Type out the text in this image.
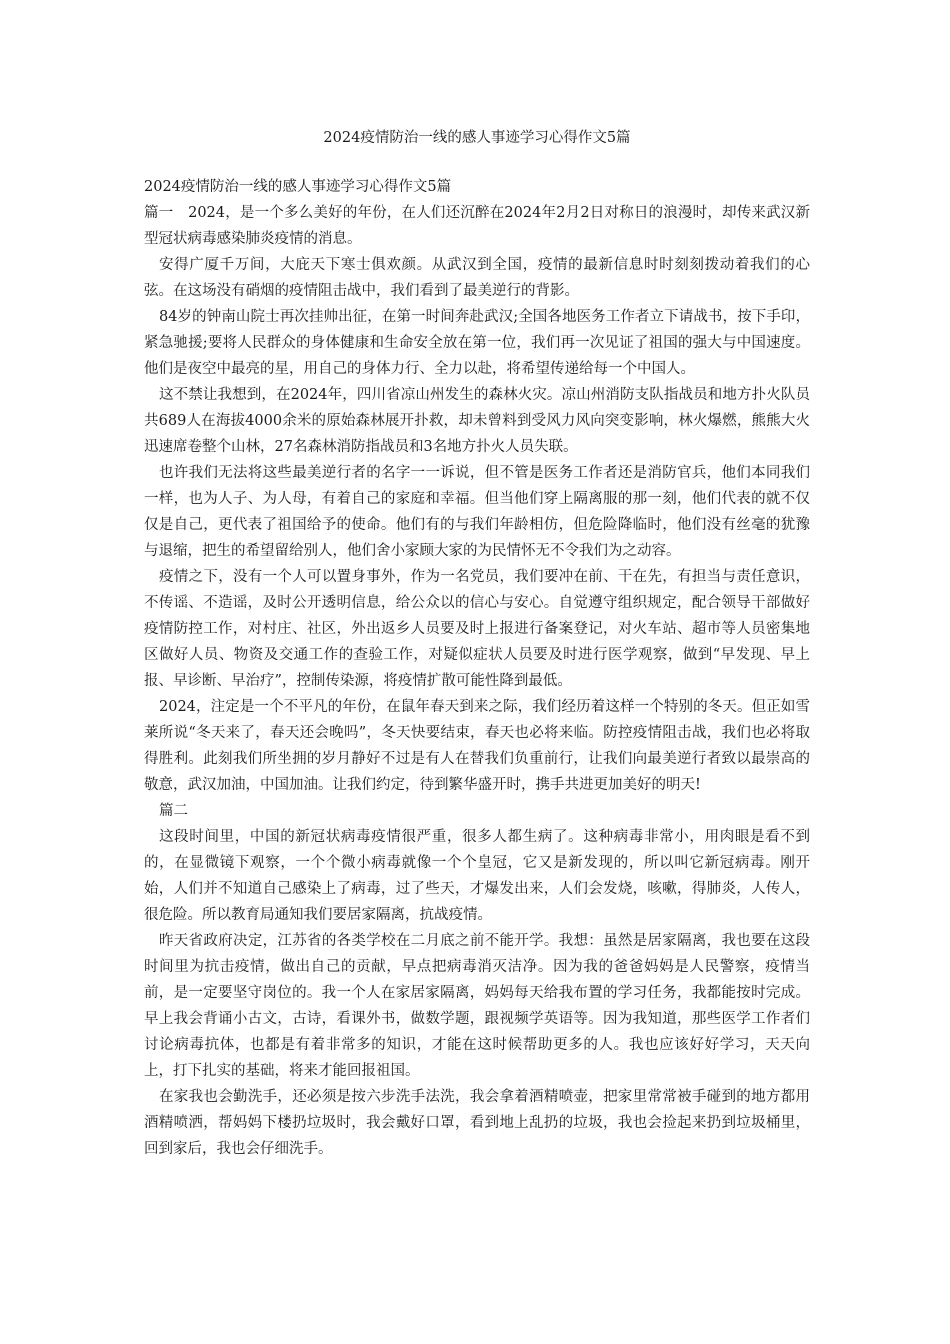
2024疫情防治一线的感人事迹学习心得作文5篇

2024疫情防治一线的感人事迹学习心得作文5篇

篇一　2024，是一个多么美好的年份，在人们还沉醉在2024年2月2日对称日的浪漫时，却传来武汉新型冠状病毒感染肺炎疫情的消息。

安得广厦千万间，大庇天下寒士俱欢颜。从武汉到全国，疫情的最新信息时时刻刻拨动着我们的心弦。在这场没有硝烟的疫情阻击战中，我们看到了最美逆行的背影。

84岁的钟南山院士再次挂帅出征，在第一时间奔赴武汉;全国各地医务工作者立下请战书，按下手印，紧急驰援;要将人民群众的身体健康和生命安全放在第一位，我们再一次见证了祖国的强大与中国速度。他们是夜空中最亮的星，用自己的身体力行、全力以赴，将希望传递给每一个中国人。

这不禁让我想到，在2024年，四川省凉山州发生的森林火灾。凉山州消防支队指战员和地方扑火队员共689人在海拔4000余米的原始森林展开扑救，却未曾料到受风力风向突变影响，林火爆燃，熊熊大火迅速席卷整个山林，27名森林消防指战员和3名地方扑火人员失联。

也许我们无法将这些最美逆行者的名字一一诉说，但不管是医务工作者还是消防官兵，他们本同我们一样，也为人子、为人母，有着自己的家庭和幸福。但当他们穿上隔离服的那一刻，他们代表的就不仅仅是自己，更代表了祖国给予的使命。他们有的与我们年龄相仿，但危险降临时，他们没有丝毫的犹豫与退缩，把生的希望留给别人，他们舍小家顾大家的为民情怀无不令我们为之动容。

疫情之下，没有一个人可以置身事外，作为一名党员，我们要冲在前、干在先，有担当与责任意识，不传谣、不造谣，及时公开透明信息，给公众以的信心与安心。自觉遵守组织规定，配合领导干部做好疫情防控工作，对村庄、社区，外出返乡人员要及时上报进行备案登记，对火车站、超市等人员密集地区做好人员、物资及交通工作的查验工作，对疑似症状人员要及时进行医学观察，做到“早发现、早上报、早诊断、早治疗”，控制传染源，将疫情扩散可能性降到最低。

2024，注定是一个不平凡的年份，在鼠年春天到来之际，我们经历着这样一个特别的冬天。但正如雪莱所说“冬天来了，春天还会晚吗”，冬天快要结束，春天也必将来临。防控疫情阻击战，我们也必将取得胜利。此刻我们所坐拥的岁月静好不过是有人在替我们负重前行，让我们向最美逆行者致以最崇高的敬意，武汉加油，中国加油。让我们约定，待到繁华盛开时，携手共进更加美好的明天!

篇二

这段时间里，中国的新冠状病毒疫情很严重，很多人都生病了。这种病毒非常小，用肉眼是看不到的，在显微镜下观察，一个个微小病毒就像一个个皇冠，它又是新发现的，所以叫它新冠病毒。刚开始，人们并不知道自己感染上了病毒，过了些天，才爆发出来，人们会发烧，咳嗽，得肺炎，人传人，很危险。所以教育局通知我们要居家隔离，抗战疫情。

昨天省政府决定，江苏省的各类学校在二月底之前不能开学。我想：虽然是居家隔离，我也要在这段时间里为抗击疫情，做出自己的贡献，早点把病毒消灭洁净。因为我的爸爸妈妈是人民警察，疫情当前，是一定要坚守岗位的。我一个人在家居家隔离，妈妈每天给我布置的学习任务，我都能按时完成。早上我会背诵小古文，古诗，看课外书，做数学题，跟视频学英语等。因为我知道，那些医学工作者们讨论病毒抗体，也都是有着非常多的知识，才能在这时候帮助更多的人。我也应该好好学习，天天向上，打下扎实的基础，将来才能回报祖国。

在家我也会勤洗手，还必须是按六步洗手法洗，我会拿着酒精喷壶，把家里常常被手碰到的地方都用酒精喷洒，帮妈妈下楼扔垃圾时，我会戴好口罩，看到地上乱扔的垃圾，我也会捡起来扔到垃圾桶里，回到家后，我也会仔细洗手。
